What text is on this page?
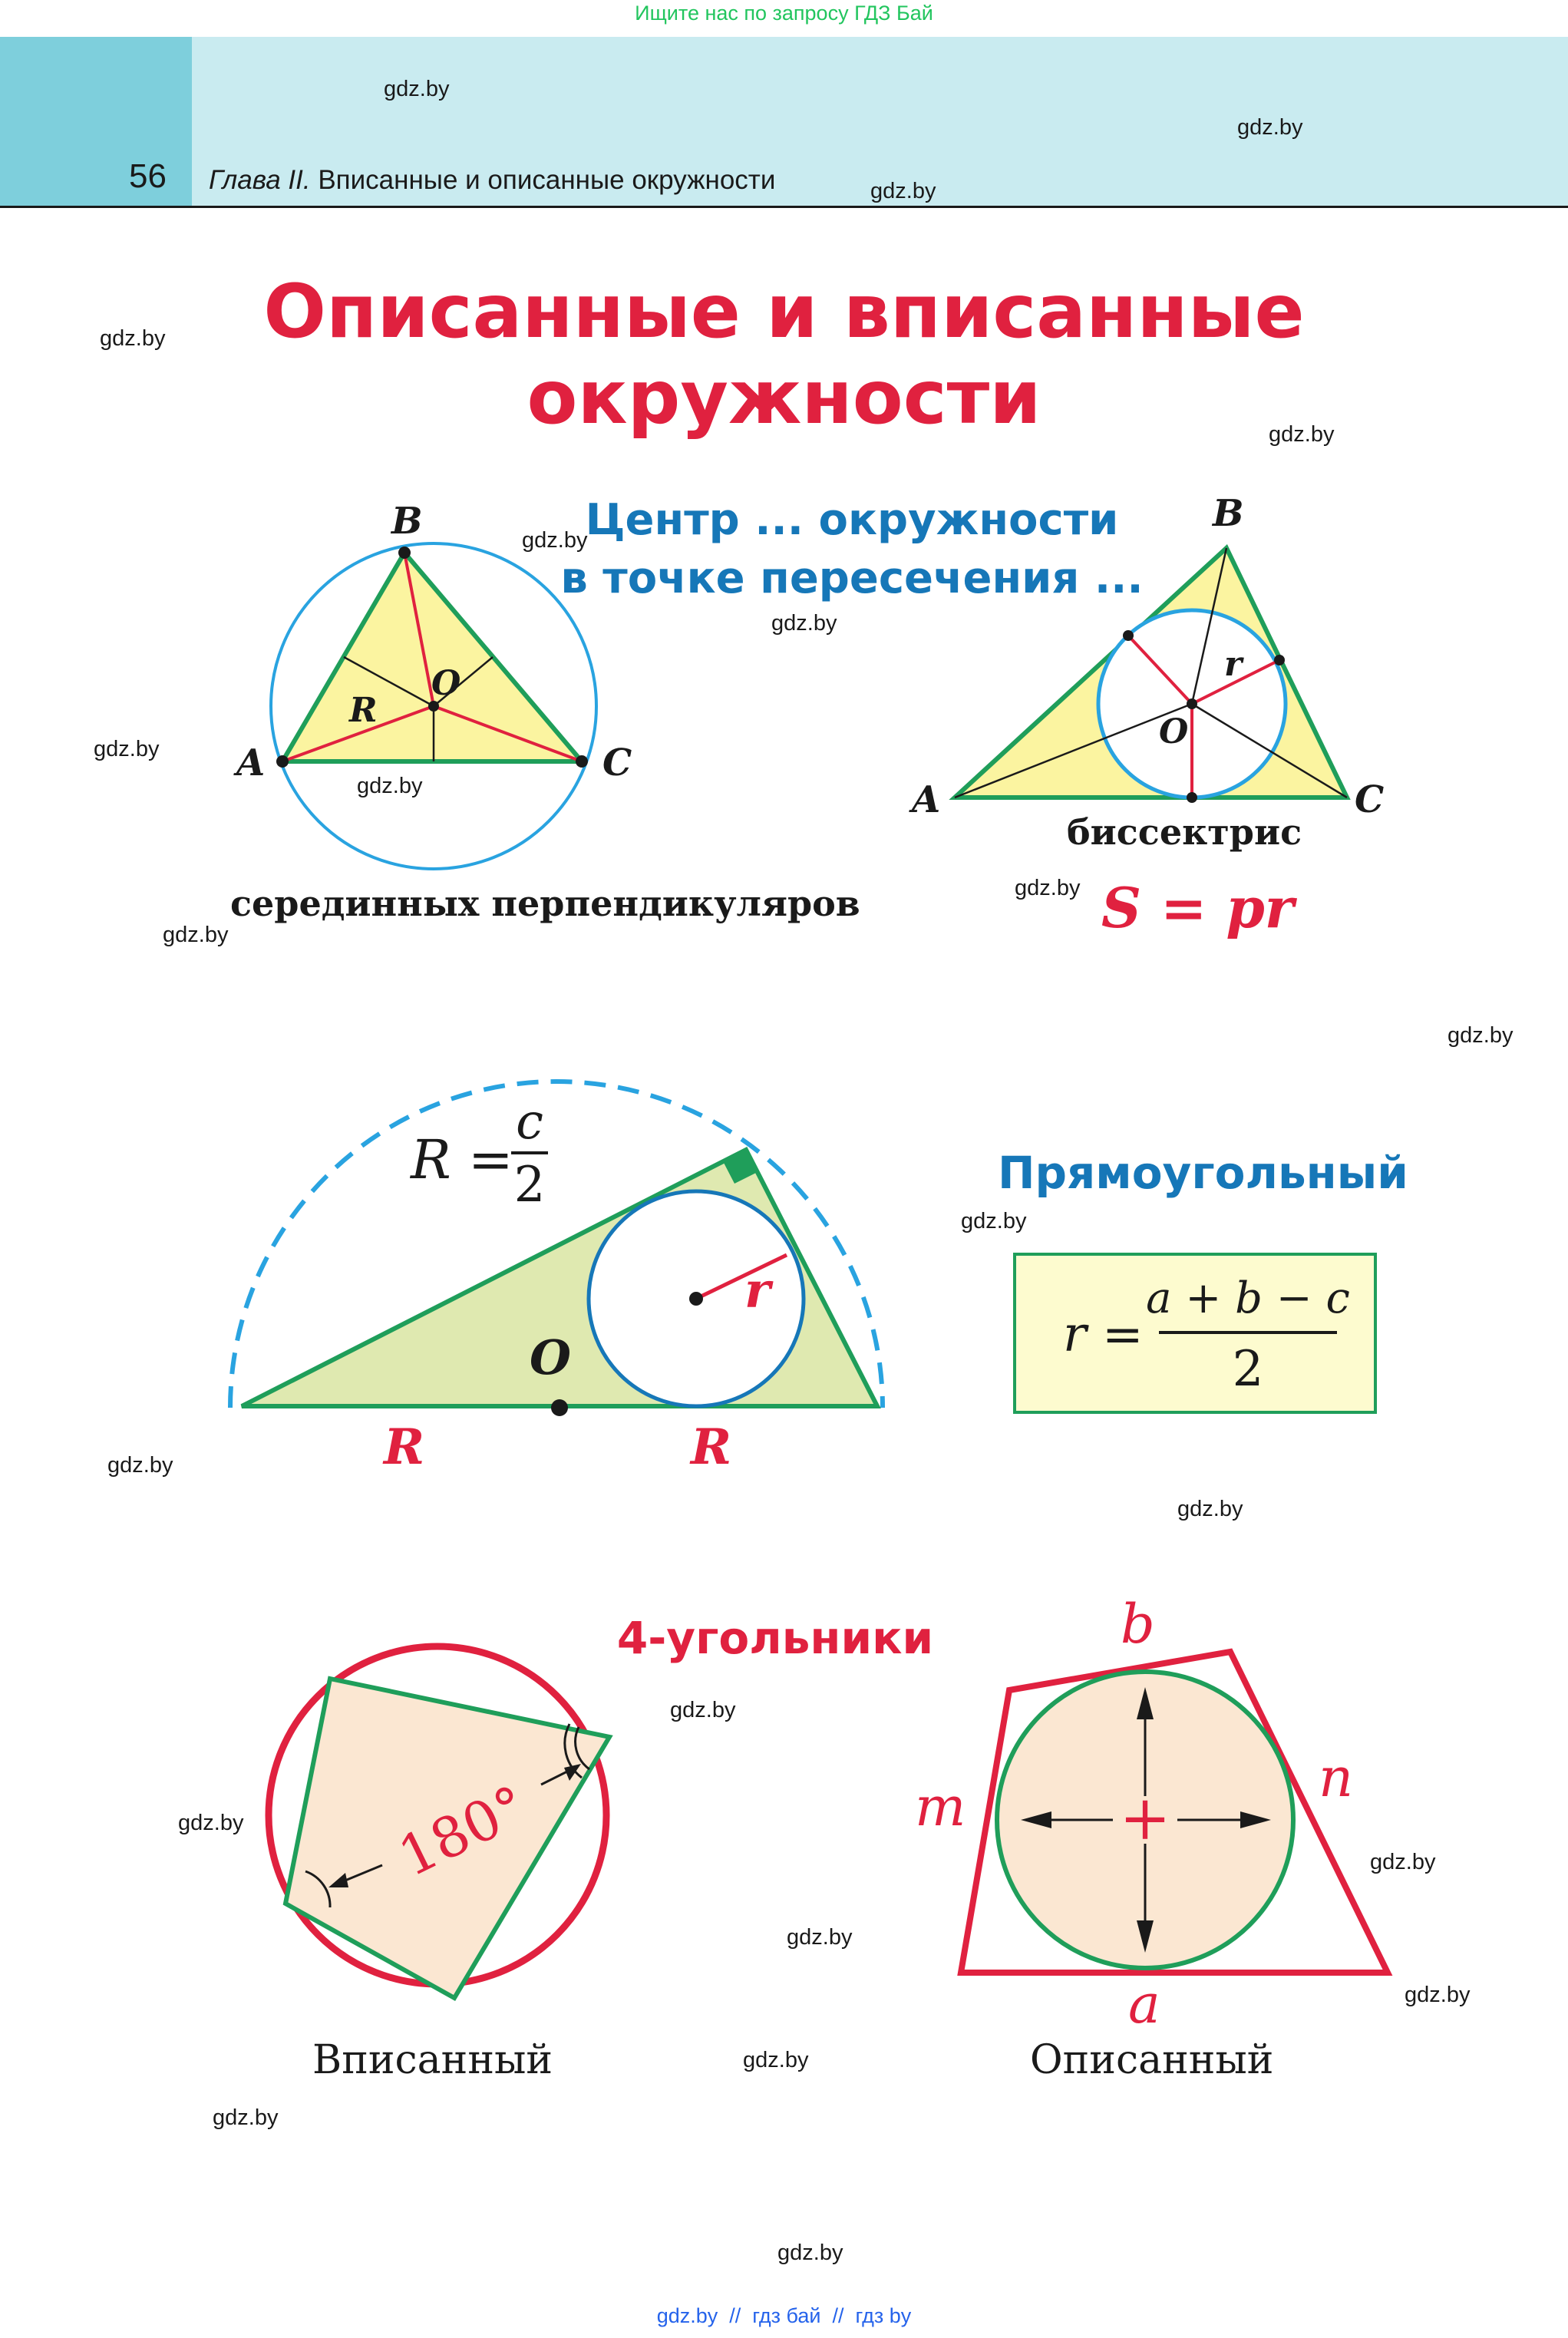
Ищите нас по запросу ГДЗ Бай
56 Глава II. Вписанные и описанные окружности
gdz.by
gdz.by
gdz.by
gdz.by
gdz.by
gdz.by
gdz.by
gdz.by
gdz.by
gdz.by
gdz.by
gdz.by
gdz.by
gdz.by
gdz.by
gdz.by
gdz.by
gdz.by
gdz.by
gdz.by
gdz.by
gdz.by
gdz.by
Описанные и вписанные
окружности
Центр ... окружности
в точке пересечения ...
B
A	C
O
R
серединных перпендикуляров
B
A	C
O
r
биссектрис
S = pr
O
r
R	R
R =
c
2	Прямоугольный
r =
a + b − c
2
4-угольники
180°
Вписанный
+
b
a
m	n
Описанный
gdz.by  //  гдз бай  //  гдз by
